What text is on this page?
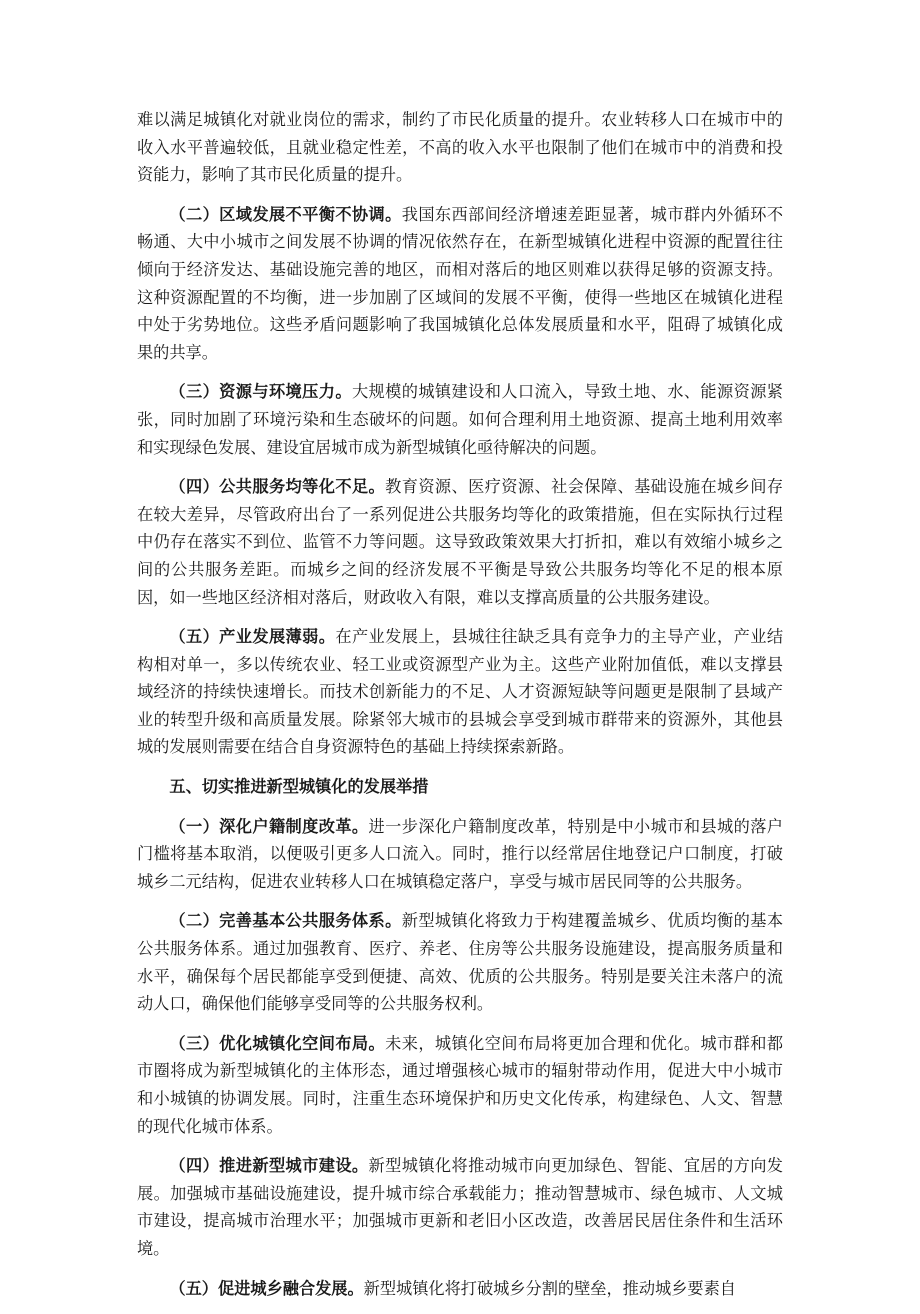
难以满足城镇化对就业岗位的需求，制约了市民化质量的提升。农业转移人口在城市中的收入水平普遍较低，且就业稳定性差，不高的收入水平也限制了他们在城市中的消费和投资能力，影响了其市民化质量的提升。

（二）区域发展不平衡不协调。我国东西部间经济增速差距显著，城市群内外循环不畅通、大中小城市之间发展不协调的情况依然存在，在新型城镇化进程中资源的配置往往倾向于经济发达、基础设施完善的地区，而相对落后的地区则难以获得足够的资源支持。这种资源配置的不均衡，进一步加剧了区域间的发展不平衡，使得一些地区在城镇化进程中处于劣势地位。这些矛盾问题影响了我国城镇化总体发展质量和水平，阻碍了城镇化成果的共享。

（三）资源与环境压力。大规模的城镇建设和人口流入，导致土地、水、能源资源紧张，同时加剧了环境污染和生态破坏的问题。如何合理利用土地资源、提高土地利用效率和实现绿色发展、建设宜居城市成为新型城镇化亟待解决的问题。

（四）公共服务均等化不足。教育资源、医疗资源、社会保障、基础设施在城乡间存在较大差异，尽管政府出台了一系列促进公共服务均等化的政策措施，但在实际执行过程中仍存在落实不到位、监管不力等问题。这导致政策效果大打折扣，难以有效缩小城乡之间的公共服务差距。而城乡之间的经济发展不平衡是导致公共服务均等化不足的根本原因，如一些地区经济相对落后，财政收入有限，难以支撑高质量的公共服务建设。

（五）产业发展薄弱。在产业发展上，县城往往缺乏具有竞争力的主导产业，产业结构相对单一，多以传统农业、轻工业或资源型产业为主。这些产业附加值低，难以支撑县域经济的持续快速增长。而技术创新能力的不足、人才资源短缺等问题更是限制了县域产业的转型升级和高质量发展。除紧邻大城市的县城会享受到城市群带来的资源外，其他县城的发展则需要在结合自身资源特色的基础上持续探索新路。

五、切实推进新型城镇化的发展举措

（一）深化户籍制度改革。进一步深化户籍制度改革，特别是中小城市和县城的落户门槛将基本取消，以便吸引更多人口流入。同时，推行以经常居住地登记户口制度，打破城乡二元结构，促进农业转移人口在城镇稳定落户，享受与城市居民同等的公共服务。

（二）完善基本公共服务体系。新型城镇化将致力于构建覆盖城乡、优质均衡的基本公共服务体系。通过加强教育、医疗、养老、住房等公共服务设施建设，提高服务质量和水平，确保每个居民都能享受到便捷、高效、优质的公共服务。特别是要关注未落户的流动人口，确保他们能够享受同等的公共服务权利。

（三）优化城镇化空间布局。未来，城镇化空间布局将更加合理和优化。城市群和都市圈将成为新型城镇化的主体形态，通过增强核心城市的辐射带动作用，促进大中小城市和小城镇的协调发展。同时，注重生态环境保护和历史文化传承，构建绿色、人文、智慧的现代化城市体系。

（四）推进新型城市建设。新型城镇化将推动城市向更加绿色、智能、宜居的方向发展。加强城市基础设施建设，提升城市综合承载能力；推动智慧城市、绿色城市、人文城市建设，提高城市治理水平；加强城市更新和老旧小区改造，改善居民居住条件和生活环境。

（五）促进城乡融合发展。新型城镇化将打破城乡分割的壁垒，推动城乡要素自
